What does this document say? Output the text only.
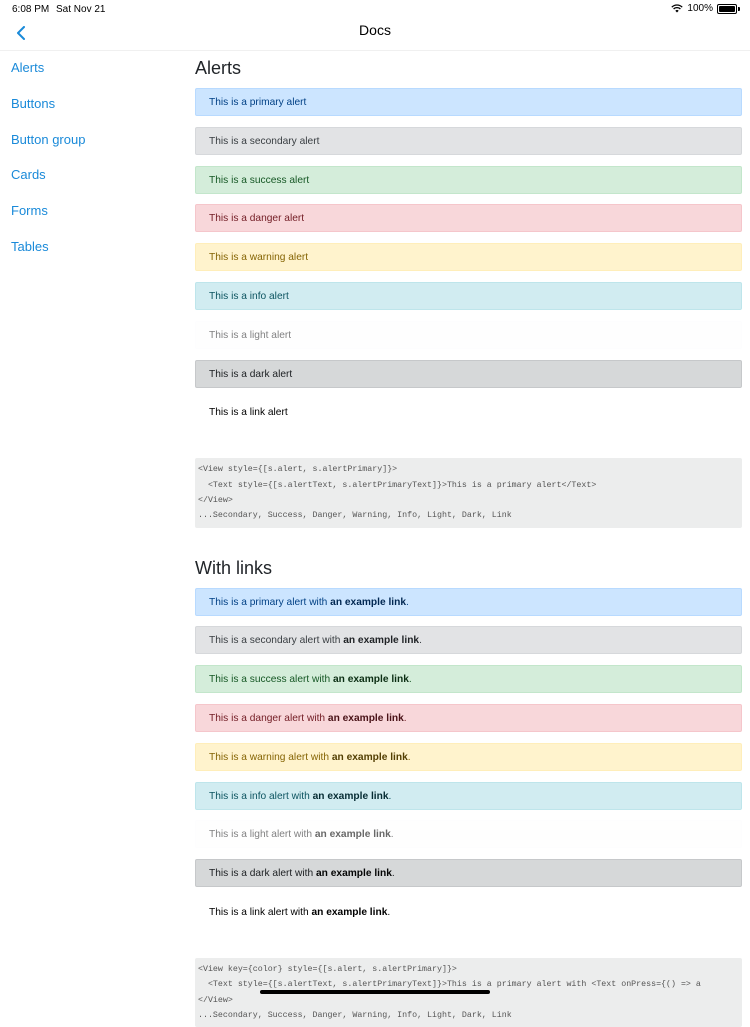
6:08 PM Sat Nov 21	100%
Docs
Alerts
Buttons
Button group
Cards
Forms
Tables
Alerts
This is a primary alert
This is a secondary alert
This is a success alert
This is a danger alert
This is a warning alert
This is a info alert
This is a light alert
This is a dark alert
This is a link alert
<View style={[s.alert, s.alertPrimary]}>
<Text style={[s.alertText, s.alertPrimaryText]}>This is a primary alert</Text>
</View>
...Secondary, Success, Danger, Warning, Info, Light, Dark, Link
With links
This is a primary alert with an example link.
This is a secondary alert with an example link.
This is a success alert with an example link.
This is a danger alert with an example link.
This is a warning alert with an example link.
This is a info alert with an example link.
This is a light alert with an example link.
This is a dark alert with an example link.
This is a link alert with an example link.
<View key={color} style={[s.alert, s.alertPrimary]}>
<Text style={[s.alertText, s.alertPrimaryText]}>This is a primary alert with <Text onPress={() => a
</View>
...Secondary, Success, Danger, Warning, Info, Light, Dark, Link
